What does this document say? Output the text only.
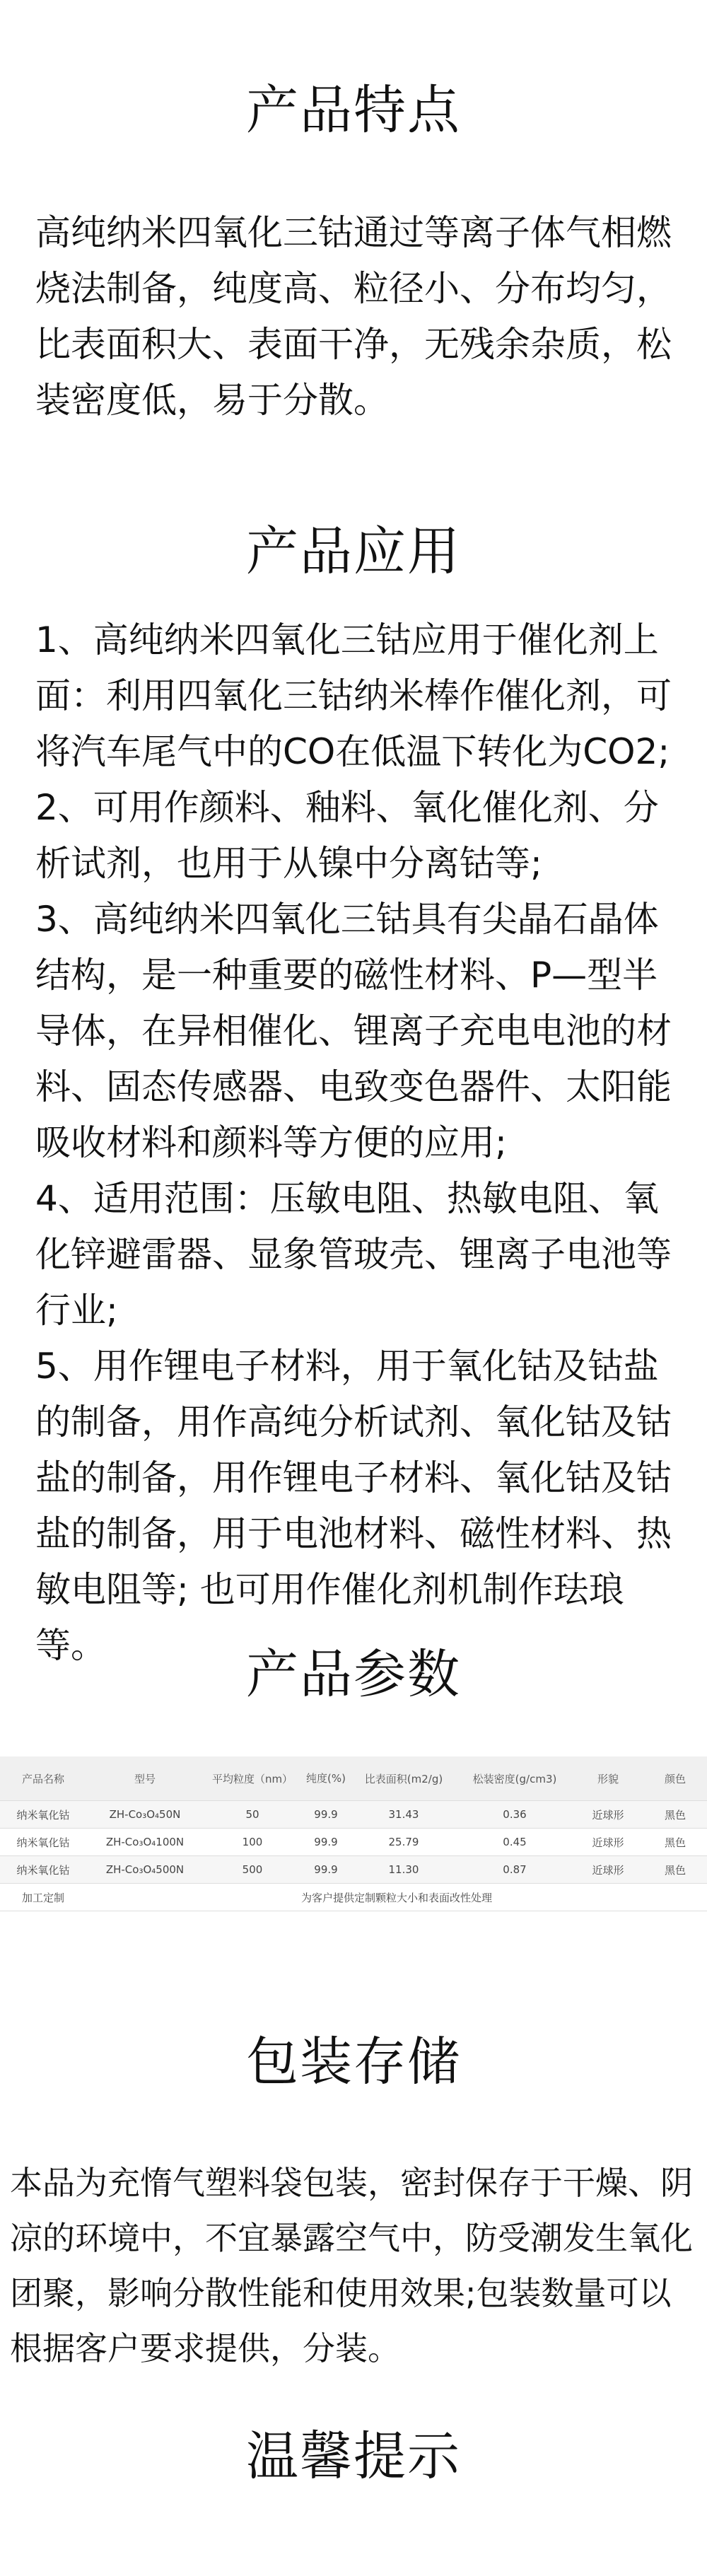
产品特点

高纯纳米四氧化三钴通过等离子体气相燃烧法制备，纯度高、粒径小、分布均匀，比表面积大、表面干净，无残余杂质，松装密度低，易于分散。

产品应用

1、高纯纳米四氧化三钴应用于催化剂上面：利用四氧化三钴纳米棒作催化剂，可将汽车尾气中的CO在低温下转化为CO2;

2、可用作颜料、釉料、氧化催化剂、分析试剂，也用于从镍中分离钴等;

3、高纯纳米四氧化三钴具有尖晶石晶体结构，是一种重要的磁性材料、P—型半导体，在异相催化、锂离子充电电池的材料、固态传感器、电致变色器件、太阳能吸收材料和颜料等方便的应用;

4、适用范围：压敏电阻、热敏电阻、氧化锌避雷器、显象管玻壳、锂离子电池等行业;

5、用作锂电子材料，用于氧化钴及钴盐的制备，用作高纯分析试剂、氧化钴及钴盐的制备，用作锂电子材料、氧化钴及钴盐的制备，用于电池材料、磁性材料、热敏电阻等; 也可用作催化剂机制作珐琅等。	产品参数
产品名称	型号	平均粒度（nm）	纯度(%)	比表面积(m2/g)	松装密度(g/cm3)	形貌	颜色
纳米氧化钴	ZH-Co₃O₄50N	50	99.9	31.43	0.36	近球形	黑色
纳米氧化钴	ZH-Co₃O₄100N	100	99.9	25.79	0.45	近球形	黑色
纳米氧化钴	ZH-Co₃O₄500N	500	99.9	11.30	0.87	近球形	黑色
加工定制	为客户提供定制颗粒大小和表面改性处理						
包装存储

本品为充惰气塑料袋包装，密封保存于干燥、阴凉的环境中，不宜暴露空气中，防受潮发生氧化团聚，影响分散性能和使用效果;包装数量可以根据客户要求提供，分装。

温馨提示
